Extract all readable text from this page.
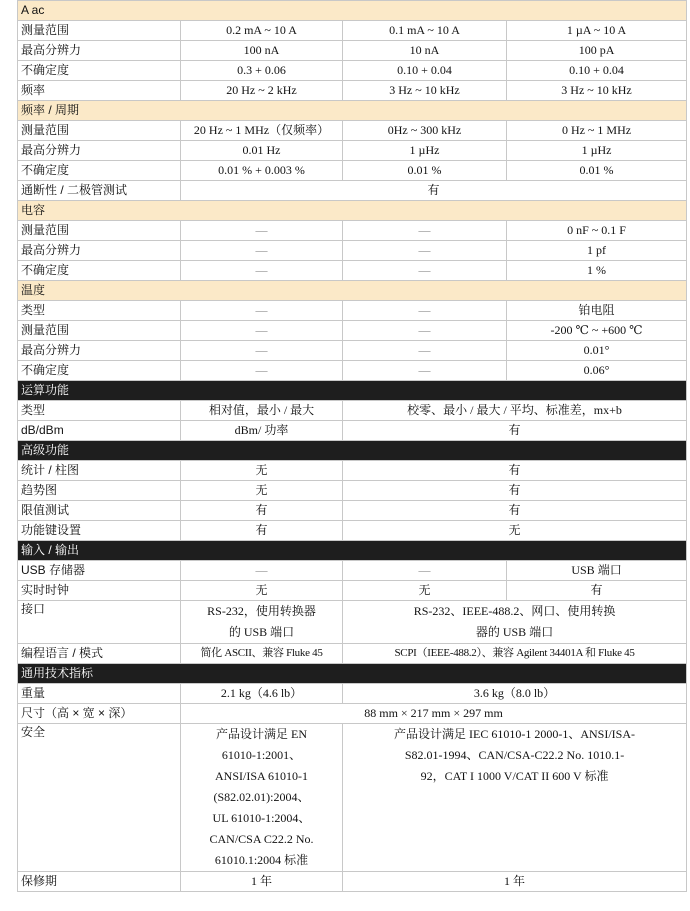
A ac			
测量范围	0.2 mA ~ 10 A	0.1 mA ~ 10 A	1 µA ~ 10 A
最高分辨力	100 nA	10 nA	100 pA
不确定度	0.3 + 0.06	0.10 + 0.04	0.10 + 0.04
频率	20 Hz ~ 2 kHz	3 Hz ~ 10 kHz	3 Hz ~ 10 kHz
频率 / 周期			
测量范围	20 Hz ~ 1 MHz（仅频率）	0Hz ~ 300 kHz	0 Hz ~ 1 MHz
最高分辨力	0.01 Hz	1 µHz	1 µHz
不确定度	0.01 % + 0.003 %	0.01 %	0.01 %
通断性 / 二极管测试	有		
电容			
测量范围	—	—	0 nF ~ 0.1 F
最高分辨力	—	—	1 pf
不确定度	—	—	1 %
温度			
类型	—	—	铂电阻
测量范围	—	—	-200 ℃ ~ +600 ℃
最高分辨力	—	—	0.01°
不确定度	—	—	0.06°
运算功能			
类型	相对值，最小 / 最大	校零、最小 / 最大 / 平均、标准差，mx+b	
dB/dBm	dBm/ 功率	有	
高级功能			
统计 / 柱图	无	有	
趋势图	无	有	
限值测试	有	有	
功能键设置	有	无	
输入 / 输出			
USB 存储器	—	—	USB 端口
实时时钟	无	无	有
接口	RS-232，使用转换器的 USB 端口	RS-232、IEEE-488.2、网口、使用转换器的 USB 端口	
编程语言 / 模式	简化 ASCII、兼容 Fluke 45	SCPI（IEEE-488.2）、兼容 Agilent 34401A 和 Fluke 45	
通用技术指标			
重量	2.1 kg（4.6 lb）	3.6 kg（8.0 lb）	
尺寸（高 × 宽 × 深）	88 mm × 217 mm × 297 mm		
安全	产品设计满足 EN 61010-1:2001、ANSI/ISA 61010-1 (S82.02.01):2004、UL 61010-1:2004、CAN/CSA C22.2 No. 61010.1:2004 标准	产品设计满足 IEC 61010-1 2000-1、ANSI/ISA-S82.01-1994、CAN/CSA-C22.2 No. 1010.1-92，CAT I 1000 V/CAT II 600 V 标准	
保修期	1 年	1 年	
